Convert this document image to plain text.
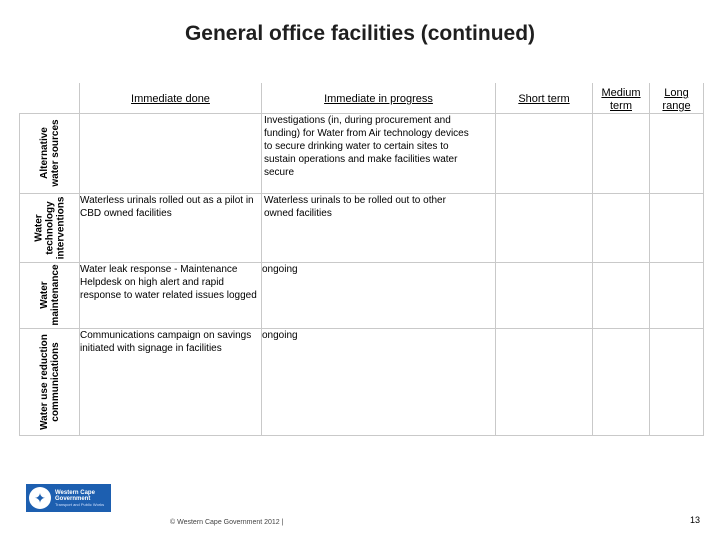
General office facilities (continued)

	Immediate done	Immediate in progress	Short term	Medium term	Long range

Alternative water sources		Investigations (in, during procurement and funding) for Water from Air technology devices to secure drinking water to certain sites to sustain operations and make facilities water secure			

Water technology interventions	Waterless urinals rolled out as a pilot in CBD owned facilities	Waterless urinals to be rolled out to other owned facilities			

Water maintenance	Water leak response - Maintenance Helpdesk on high alert and rapid response to water related issues logged	ongoing			

Water use reduction communications	Communications campaign on savings initiated with signage in facilities	ongoing			
✦	Western Cape
Government
Transport and Public Works
© Western Cape Government 2012 |	13
